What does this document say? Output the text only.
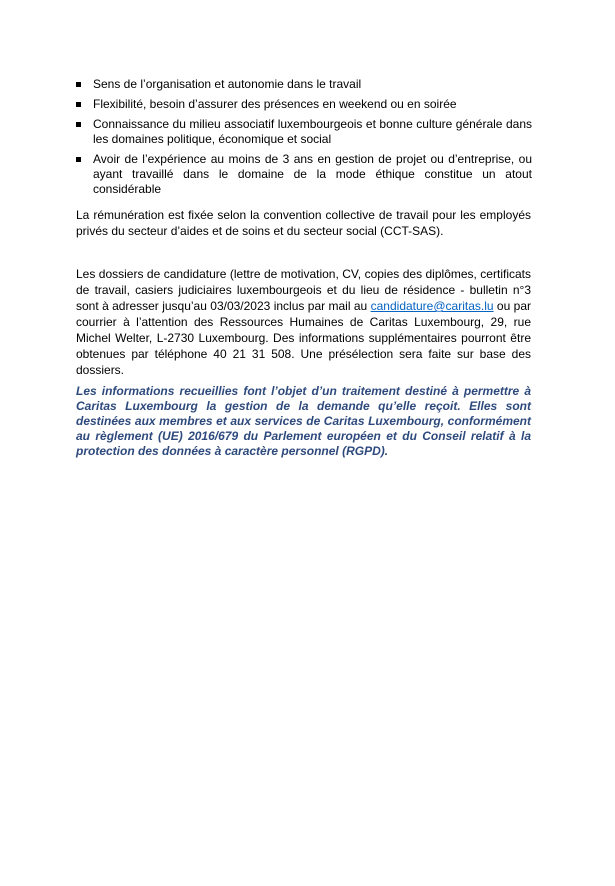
Sens de l’organisation et autonomie dans le travail
Flexibilité, besoin d’assurer des présences en weekend ou en soirée
Connaissance du milieu associatif luxembourgeois et bonne culture générale dans les domaines politique, économique et social
Avoir de l’expérience au moins de 3 ans en gestion de projet ou d’entreprise, ou ayant travaillé dans le domaine de la mode éthique constitue un atout considérable

La rémunération est fixée selon la convention collective de travail pour les employés privés du secteur d’aides et de soins et du secteur social (CCT-SAS).

Les dossiers de candidature (lettre de motivation, CV, copies des diplômes, certificats de travail, casiers judiciaires luxembourgeois et du lieu de résidence - bulletin n°3 sont à adresser jusqu’au 03/03/2023 inclus par mail au candidature@caritas.lu ou par courrier à l’attention des Ressources Humaines de Caritas Luxembourg, 29, rue Michel Welter, L-2730 Luxembourg. Des informations supplémentaires pourront être obtenues par téléphone 40 21 31 508. Une présélection sera faite sur base des dossiers.

Les informations recueillies font l’objet d’un traitement destiné à permettre à Caritas Luxembourg la gestion de la demande qu’elle reçoit. Elles sont destinées aux membres et aux services de Caritas Luxembourg, conformément au règlement (UE) 2016/679 du Parlement européen et du Conseil relatif à la protection des données à caractère personnel (RGPD).
